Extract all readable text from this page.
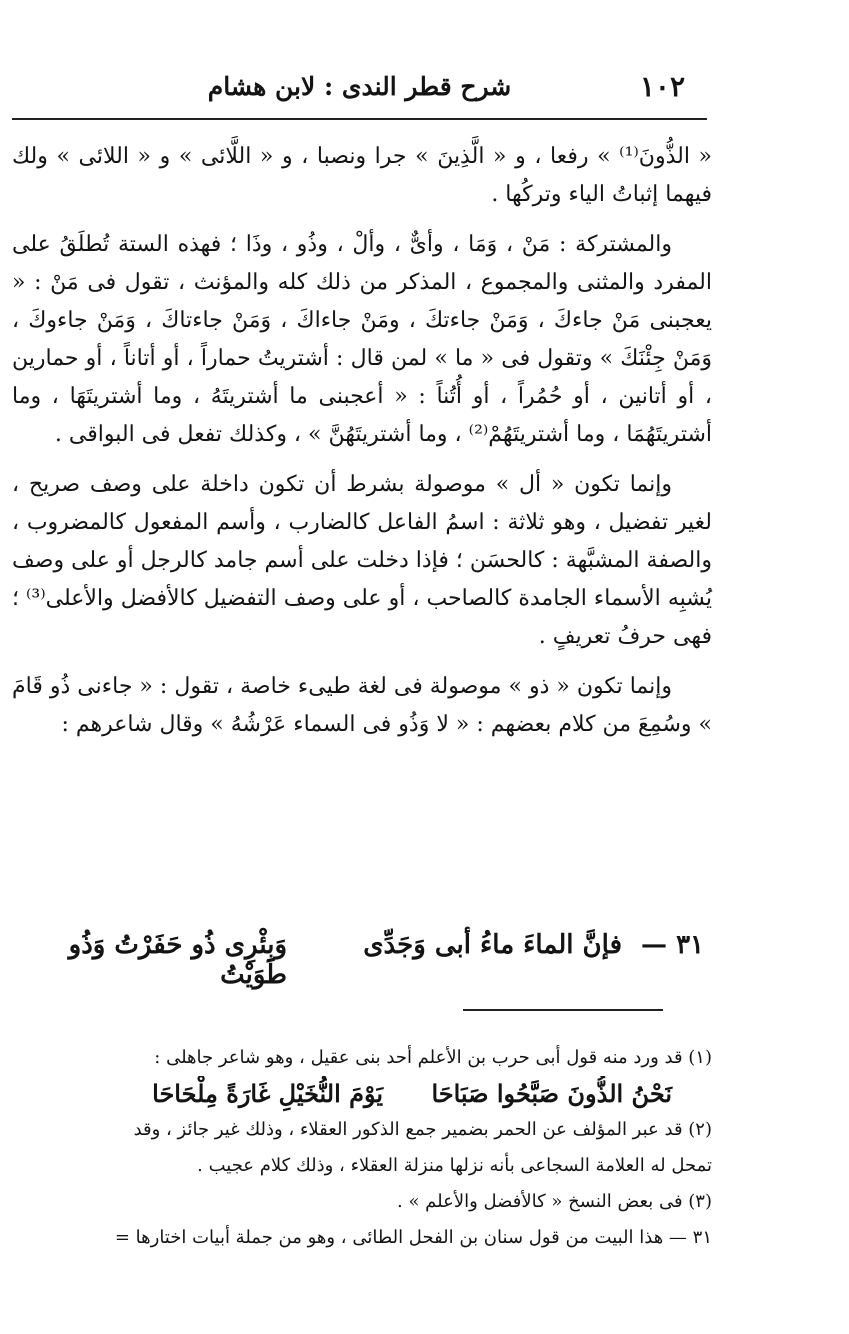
١٠٢
شرح قطر الندى : لابن هشام

« الذُّونَ⁽¹⁾ » رفعا ، و « الَّذِينَ » جرا ونصبا ، و « اللَّائى » و « اللائى » ولك فيهما إثباتُ الياء وتركُها .

والمشتركة : مَنْ ، وَمَا ، وأىٌّ ، وألْ ، وذُو ، وذَا ؛ فهذه الستة تُطلَقُ على المفرد والمثنى والمجموع ، المذكر من ذلك كله والمؤنث ، تقول فى مَنْ : « يعجبنى مَنْ جاءكَ ، وَمَنْ جاءتكَ ، ومَنْ جاءاكَ ، وَمَنْ جاءتاكَ ، وَمَنْ جاءوكَ ، وَمَنْ جِئْنَكَ » وتقول فى « ما » لمن قال : أشتريتُ حماراً ، أو أتاناً ، أو حمارين ، أو أتانين ، أو حُمُراً ، أو أُتُناً : « أعجبنى ما أشتريتَهُ ، وما أشتريتَهَا ، وما أشتريتَهُمَا ، وما أشتريتَهُمْ⁽²⁾ ، وما أشتريتَهُنَّ » ، وكذلك تفعل فى البواقى .

وإنما تكون « أل » موصولة بشرط أن تكون داخلة على وصف صريح ، لغير تفضيل ، وهو ثلاثة : اسمُ الفاعل كالضارب ، وأسم المفعول كالمضروب ، والصفة المشبَّهة : كالحسَن ؛ فإذا دخلت على أسم جامد كالرجل أو على وصف يُشبِه الأسماء الجامدة كالصاحب ، أو على وصف التفضيل كالأفضل والأعلى⁽³⁾ ؛ فهى حرفُ تعريفٍ .

وإنما تكون « ذو » موصولة فى لغة طيىء خاصة ، تقول : « جاءنى ذُو قَامَ » وسُمِعَ من كلام بعضهم : « لا وَذُو فى السماء عَرْشُهُ » وقال شاعرهم :

٣١ —
فإنَّ الماءَ ماءُ أبى وَجَدِّى
وَبِئْرِى ذُو حَفَرْتُ وَذُو طَوَيْتُ
(١) قد ورد منه قول أبى حرب بن الأعلم أحد بنى عقيل ، وهو شاعر جاهلى :
نَحْنُ الذُّونَ صَبَّحُوا صَبَاحَا يَوْمَ النُّخَيْلِ غَارَةً مِلْحَاحَا
(٢) قد عبر المؤلف عن الحمر بضمير جمع الذكور العقلاء ، وذلك غير جائز ، وقد
تمحل له العلامة السجاعى بأنه نزلها منزلة العقلاء ، وذلك كلام عجيب .
(٣) فى بعض النسخ « كالأفضل والأعلم » .
٣١ — هذا البيت من قول سنان بن الفحل الطائى ، وهو من جملة أبيات اختارها =
